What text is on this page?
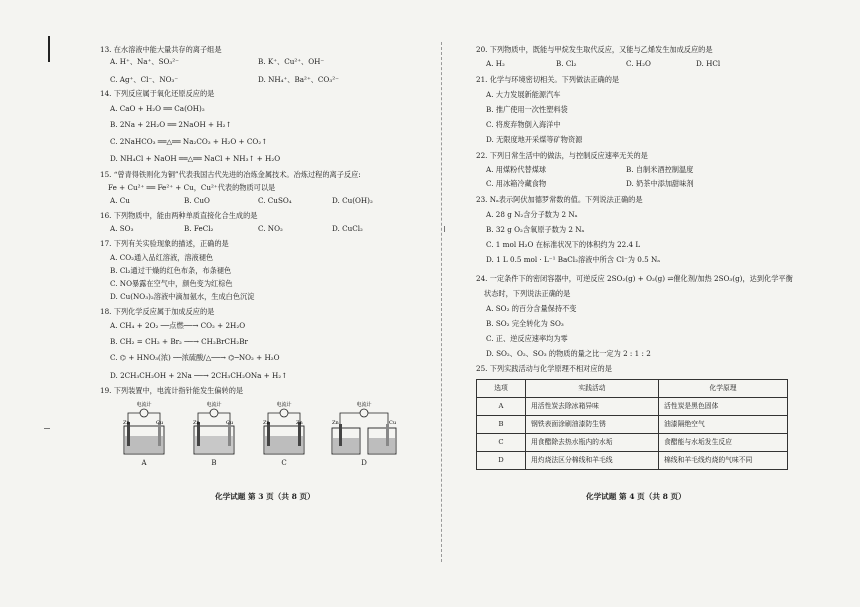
13. 在水溶液中能大量共存的离子组是
A. H⁺、Na⁺、SO₃²⁻	B. K⁺、Cu²⁺、OH⁻
C. Ag⁺、Cl⁻、NO₃⁻	D. NH₄⁺、Ba²⁺、CO₃²⁻
14. 下列反应属于氧化还原反应的是
A. CaO + H₂O ══ Ca(OH)₂
B. 2Na + 2H₂O ══ 2NaOH + H₂↑
C. 2NaHCO₃ ══△══ Na₂CO₃ + H₂O + CO₂↑
D. NH₄Cl + NaOH ══△══ NaCl + NH₃↑ + H₂O
15. “曾青得铁则化为铜”代表我国古代先进的冶炼金属技术。冶炼过程的离子反应:
Fe + Cu²⁺ ══ Fe²⁺ + Cu，Cu²⁺代表的物质可以是
A. Cu	B. CuO	C. CuSO₄	D. Cu(OH)₂
16. 下列物质中，能由两种单质直接化合生成的是
A. SO₃	B. FeCl₂	C. NO₂	D. CuCl₂
17. 下列有关实验现象的描述，正确的是
A. CO₂通入品红溶液，溶液褪色
B. Cl₂通过干燥的红色布条，布条褪色
C. NO暴露在空气中，颜色变为红棕色
D. Cu(NO₃)₂溶液中滴加氨水，生成白色沉淀
18. 下列化学反应属于加成反应的是
A. CH₄ + 2O₂ ──点燃──→ CO₂ + 2H₂O
B. CH₂ = CH₂ + Br₂ ──→ CH₂BrCH₂Br
C. ⌬ + HNO₃(浓) ──浓硫酸/△──→ ⌬─NO₂ + H₂O
D. 2CH₃CH₂OH + 2Na ──→ 2CH₃CH₂ONa + H₂↑
19. 下列装置中，电流计指针能发生偏转的是
电流计
Zn	Cu
A
电流计
Zn	Cu
B
电流计
Zn	Zn
C
电流计
Zn	Cu
D
化学试题 第 3 页（共 8 页）
20. 下列物质中，既能与甲烷发生取代反应，又能与乙烯发生加成反应的是
A. H₂	B. Cl₂	C. H₂O	D. HCl
21. 化学与环境密切相关。下列做法正确的是
A. 大力发展新能源汽车
B. 推广使用一次性塑料袋
C. 将废弃物倒入海洋中
D. 无限度地开采煤等矿物资源
22. 下列日常生活中的做法，与控制反应速率无关的是
A. 用煤粉代替煤球	B. 自制米酒控制温度
C. 用冰箱冷藏食物	D. 奶茶中添加甜味剂
23. Nₐ表示阿伏加德罗常数的值。下列说法正确的是
A. 28 g N₂含分子数为 2 Nₐ
B. 32 g O₂含氧原子数为 2 Nₐ
C. 1 mol H₂O 在标准状况下的体积约为 22.4 L
D. 1 L 0.5 mol · L⁻¹ BaCl₂溶液中所含 Cl⁻为 0.5 Nₐ
24. 一定条件下的密闭容器中，可逆反应 2SO₂(g) + O₂(g) ⇌催化剂/加热 2SO₃(g)，达到化学平衡
状态时，下列说法正确的是
A. SO₂ 的百分含量保持不变
B. SO₂ 完全转化为 SO₃
C. 正、逆反应速率均为零
D. SO₂、O₂、SO₃ 的物质的量之比一定为 2 : 1 : 2
25. 下列实践活动与化学原理不相对应的是
选项	实践活动	化学原理
A	用活性炭去除冰箱异味	活性炭是黑色固体
B	钢铁表面涂刷油漆防生锈	油漆隔绝空气
C	用食醋除去热水瓶内的水垢	食醋能与水垢发生反应
D	用灼烧法区分棉线和羊毛线	棉线和羊毛线灼烧的气味不同
化学试题 第 4 页（共 8 页）
